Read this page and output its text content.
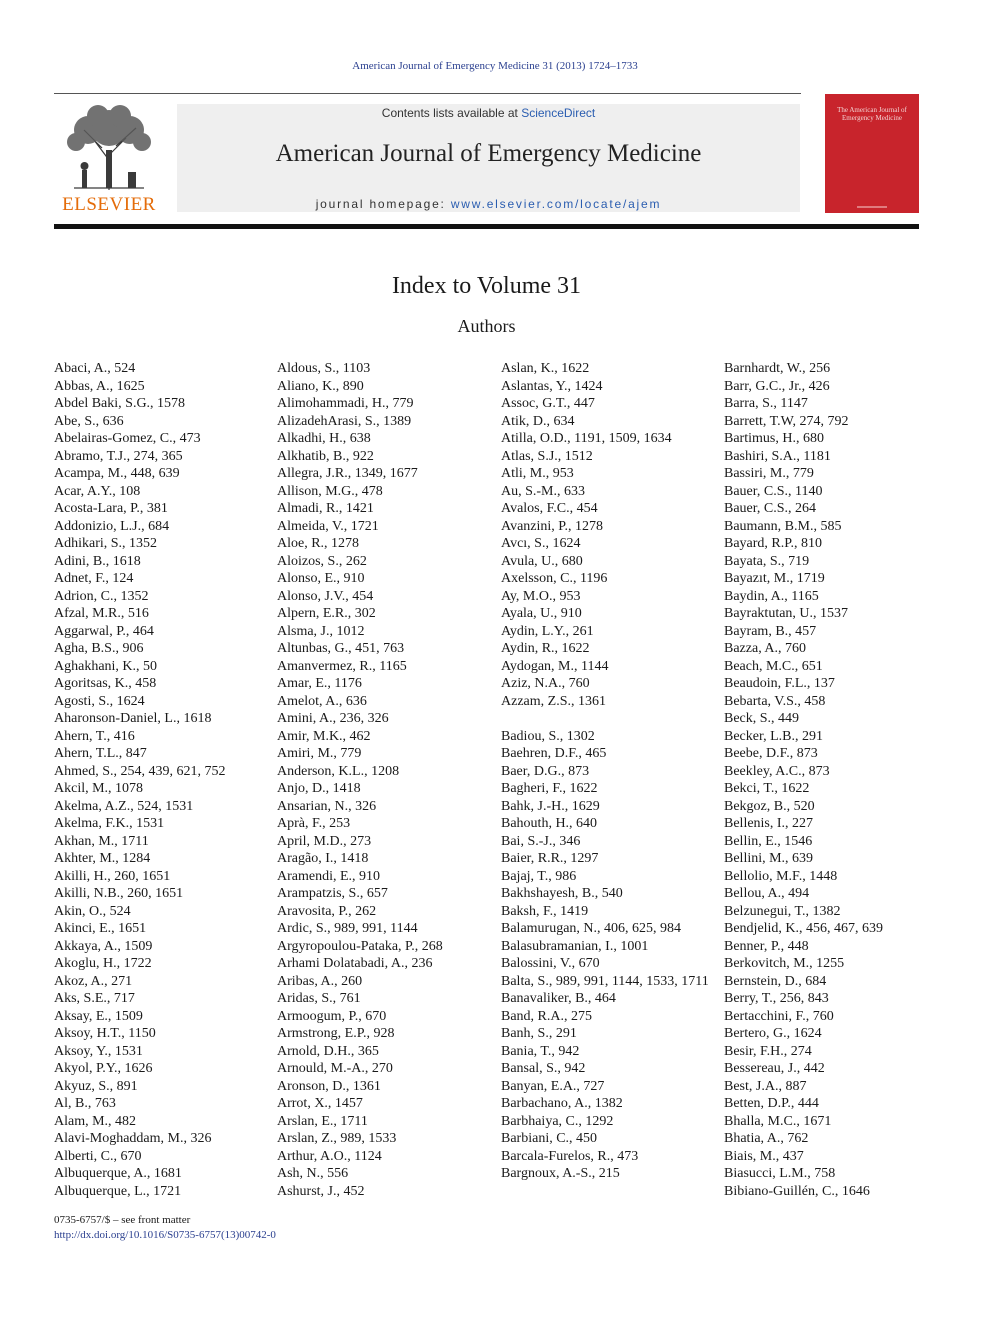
American Journal of Emergency Medicine 31 (2013) 1724–1733
ELSEVIER
Contents lists available at ScienceDirect
American Journal of Emergency Medicine
journal homepage: www.elsevier.com/locate/ajem
The American Journal of Emergency Medicine
Index to Volume 31
Authors
Abaci, A., 524
Abbas, A., 1625
Abdel Baki, S.G., 1578
Abe, S., 636
Abelairas-Gomez, C., 473
Abramo, T.J., 274, 365
Acampa, M., 448, 639
Acar, A.Y., 108
Acosta-Lara, P., 381
Addonizio, L.J., 684
Adhikari, S., 1352
Adini, B., 1618
Adnet, F., 124
Adrion, C., 1352
Afzal, M.R., 516
Aggarwal, P., 464
Agha, B.S., 906
Aghakhani, K., 50
Agoritsas, K., 458
Agosti, S., 1624
Aharonson-Daniel, L., 1618
Ahern, T., 416
Ahern, T.L., 847
Ahmed, S., 254, 439, 621, 752
Akcil, M., 1078
Akelma, A.Z., 524, 1531
Akelma, F.K., 1531
Akhan, M., 1711
Akhter, M., 1284
Akilli, H., 260, 1651
Akilli, N.B., 260, 1651
Akin, O., 524
Akinci, E., 1651
Akkaya, A., 1509
Akoglu, H., 1722
Akoz, A., 271
Aks, S.E., 717
Aksay, E., 1509
Aksoy, H.T., 1150
Aksoy, Y., 1531
Akyol, P.Y., 1626
Akyuz, S., 891
Al, B., 763
Alam, M., 482
Alavi-Moghaddam, M., 326
Alberti, C., 670
Albuquerque, A., 1681
Albuquerque, L., 1721
Aldous, S., 1103
Aliano, K., 890
Alimohammadi, H., 779
AlizadehArasi, S., 1389
Alkadhi, H., 638
Alkhatib, B., 922
Allegra, J.R., 1349, 1677
Allison, M.G., 478
Almadi, R., 1421
Almeida, V., 1721
Aloe, R., 1278
Aloizos, S., 262
Alonso, E., 910
Alonso, J.V., 454
Alpern, E.R., 302
Alsma, J., 1012
Altunbas, G., 451, 763
Amanvermez, R., 1165
Amar, E., 1176
Amelot, A., 636
Amini, A., 236, 326
Amir, M.K., 462
Amiri, M., 779
Anderson, K.L., 1208
Anjo, D., 1418
Ansarian, N., 326
Aprà, F., 253
April, M.D., 273
Aragão, I., 1418
Aramendi, E., 910
Arampatzis, S., 657
Aravosita, P., 262
Ardic, S., 989, 991, 1144
Argyropoulou-Pataka, P., 268
Arhami Dolatabadi, A., 236
Aribas, A., 260
Aridas, S., 761
Armoogum, P., 670
Armstrong, E.P., 928
Arnold, D.H., 365
Arnould, M.-A., 270
Aronson, D., 1361
Arrot, X., 1457
Arslan, E., 1711
Arslan, Z., 989, 1533
Arthur, A.O., 1124
Ash, N., 556
Ashurst, J., 452
Aslan, K., 1622
Aslantas, Y., 1424
Assoc, G.T., 447
Atik, D., 634
Atilla, O.D., 1191, 1509, 1634
Atlas, S.J., 1512
Atli, M., 953
Au, S.-M., 633
Avalos, F.C., 454
Avanzini, P., 1278
Avcı, S., 1624
Avula, U., 680
Axelsson, C., 1196
Ay, M.O., 953
Ayala, U., 910
Aydin, L.Y., 261
Aydin, R., 1622
Aydogan, M., 1144
Aziz, N.A., 760
Azzam, Z.S., 1361
Badiou, S., 1302
Baehren, D.F., 465
Baer, D.G., 873
Bagheri, F., 1622
Bahk, J.-H., 1629
Bahouth, H., 640
Bai, S.-J., 346
Baier, R.R., 1297
Bajaj, T., 986
Bakhshayesh, B., 540
Baksh, F., 1419
Balamurugan, N., 406, 625, 984
Balasubramanian, I., 1001
Balossini, V., 670
Balta, S., 989, 991, 1144, 1533, 1711
Banavaliker, B., 464
Band, R.A., 275
Banh, S., 291
Bania, T., 942
Bansal, S., 942
Banyan, E.A., 727
Barbachano, A., 1382
Barbhaiya, C., 1292
Barbiani, C., 450
Barcala-Furelos, R., 473
Bargnoux, A.-S., 215
Barnhardt, W., 256
Barr, G.C., Jr., 426
Barra, S., 1147
Barrett, T.W, 274, 792
Bartimus, H., 680
Bashiri, S.A., 1181
Bassiri, M., 779
Bauer, C.S., 1140
Bauer, C.S., 264
Baumann, B.M., 585
Bayard, R.P., 810
Bayata, S., 719
Bayazıt, M., 1719
Baydin, A., 1165
Bayraktutan, U., 1537
Bayram, B., 457
Bazza, A., 760
Beach, M.C., 651
Beaudoin, F.L., 137
Bebarta, V.S., 458
Beck, S., 449
Becker, L.B., 291
Beebe, D.F., 873
Beekley, A.C., 873
Bekci, T., 1622
Bekgoz, B., 520
Bellenis, I., 227
Bellin, E., 1546
Bellini, M., 639
Bellolio, M.F., 1448
Bellou, A., 494
Belzunegui, T., 1382
Bendjelid, K., 456, 467, 639
Benner, P., 448
Berkovitch, M., 1255
Bernstein, D., 684
Berry, T., 256, 843
Bertacchini, F., 760
Bertero, G., 1624
Besir, F.H., 274
Bessereau, J., 442
Best, J.A., 887
Betten, D.P., 444
Bhalla, M.C., 1671
Bhatia, A., 762
Biais, M., 437
Biasucci, L.M., 758
Bibiano-Guillén, C., 1646
0735-6757/$ – see front matter
http://dx.doi.org/10.1016/S0735-6757(13)00742-0
